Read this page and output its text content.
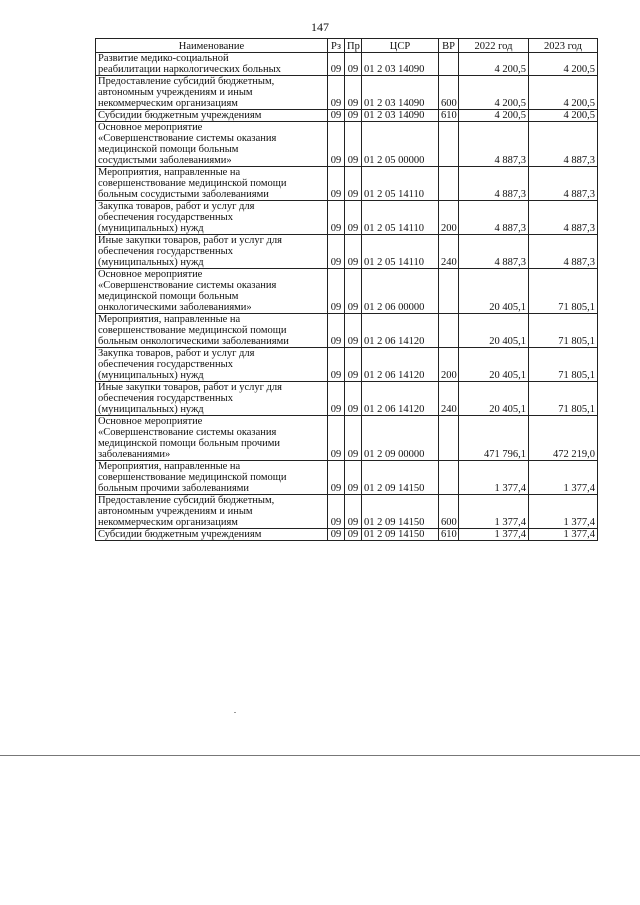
147
Наименование	Рз	Пр	ЦСР	ВР	2022 год	2023 год
Развитие медико-социальной
реабилитации наркологических больных	09	09	01 2 03 14090		4 200,5	4 200,5
Предоставление субсидий бюджетным,
автономным учреждениям и иным
некоммерческим организациям	09	09	01 2 03 14090	600	4 200,5	4 200,5
Субсидии бюджетным учреждениям	09	09	01 2 03 14090	610	4 200,5	4 200,5
Основное мероприятие
«Совершенствование системы оказания
медицинской помощи больным
сосудистыми заболеваниями»	09	09	01 2 05 00000		4 887,3	4 887,3
Мероприятия, направленные на
совершенствование медицинской помощи
больным сосудистыми заболеваниями	09	09	01 2 05 14110		4 887,3	4 887,3
Закупка товаров, работ и услуг для
обеспечения государственных
(муниципальных) нужд	09	09	01 2 05 14110	200	4 887,3	4 887,3
Иные закупки товаров, работ и услуг для
обеспечения государственных
(муниципальных) нужд	09	09	01 2 05 14110	240	4 887,3	4 887,3
Основное мероприятие
«Совершенствование системы оказания
медицинской помощи больным
онкологическими заболеваниями»	09	09	01 2 06 00000		20 405,1	71 805,1
Мероприятия, направленные на
совершенствование медицинской помощи
больным онкологическими заболеваниями	09	09	01 2 06 14120		20 405,1	71 805,1
Закупка товаров, работ и услуг для
обеспечения государственных
(муниципальных) нужд	09	09	01 2 06 14120	200	20 405,1	71 805,1
Иные закупки товаров, работ и услуг для
обеспечения государственных
(муниципальных) нужд	09	09	01 2 06 14120	240	20 405,1	71 805,1
Основное мероприятие
«Совершенствование системы оказания
медицинской помощи больным прочими
заболеваниями»	09	09	01 2 09 00000		471 796,1	472 219,0
Мероприятия, направленные на
совершенствование медицинской помощи
больным прочими заболеваниями	09	09	01 2 09 14150		1 377,4	1 377,4
Предоставление субсидий бюджетным,
автономным учреждениям и иным
некоммерческим организациям	09	09	01 2 09 14150	600	1 377,4	1 377,4
Субсидии бюджетным учреждениям	09	09	01 2 09 14150	610	1 377,4	1 377,4
